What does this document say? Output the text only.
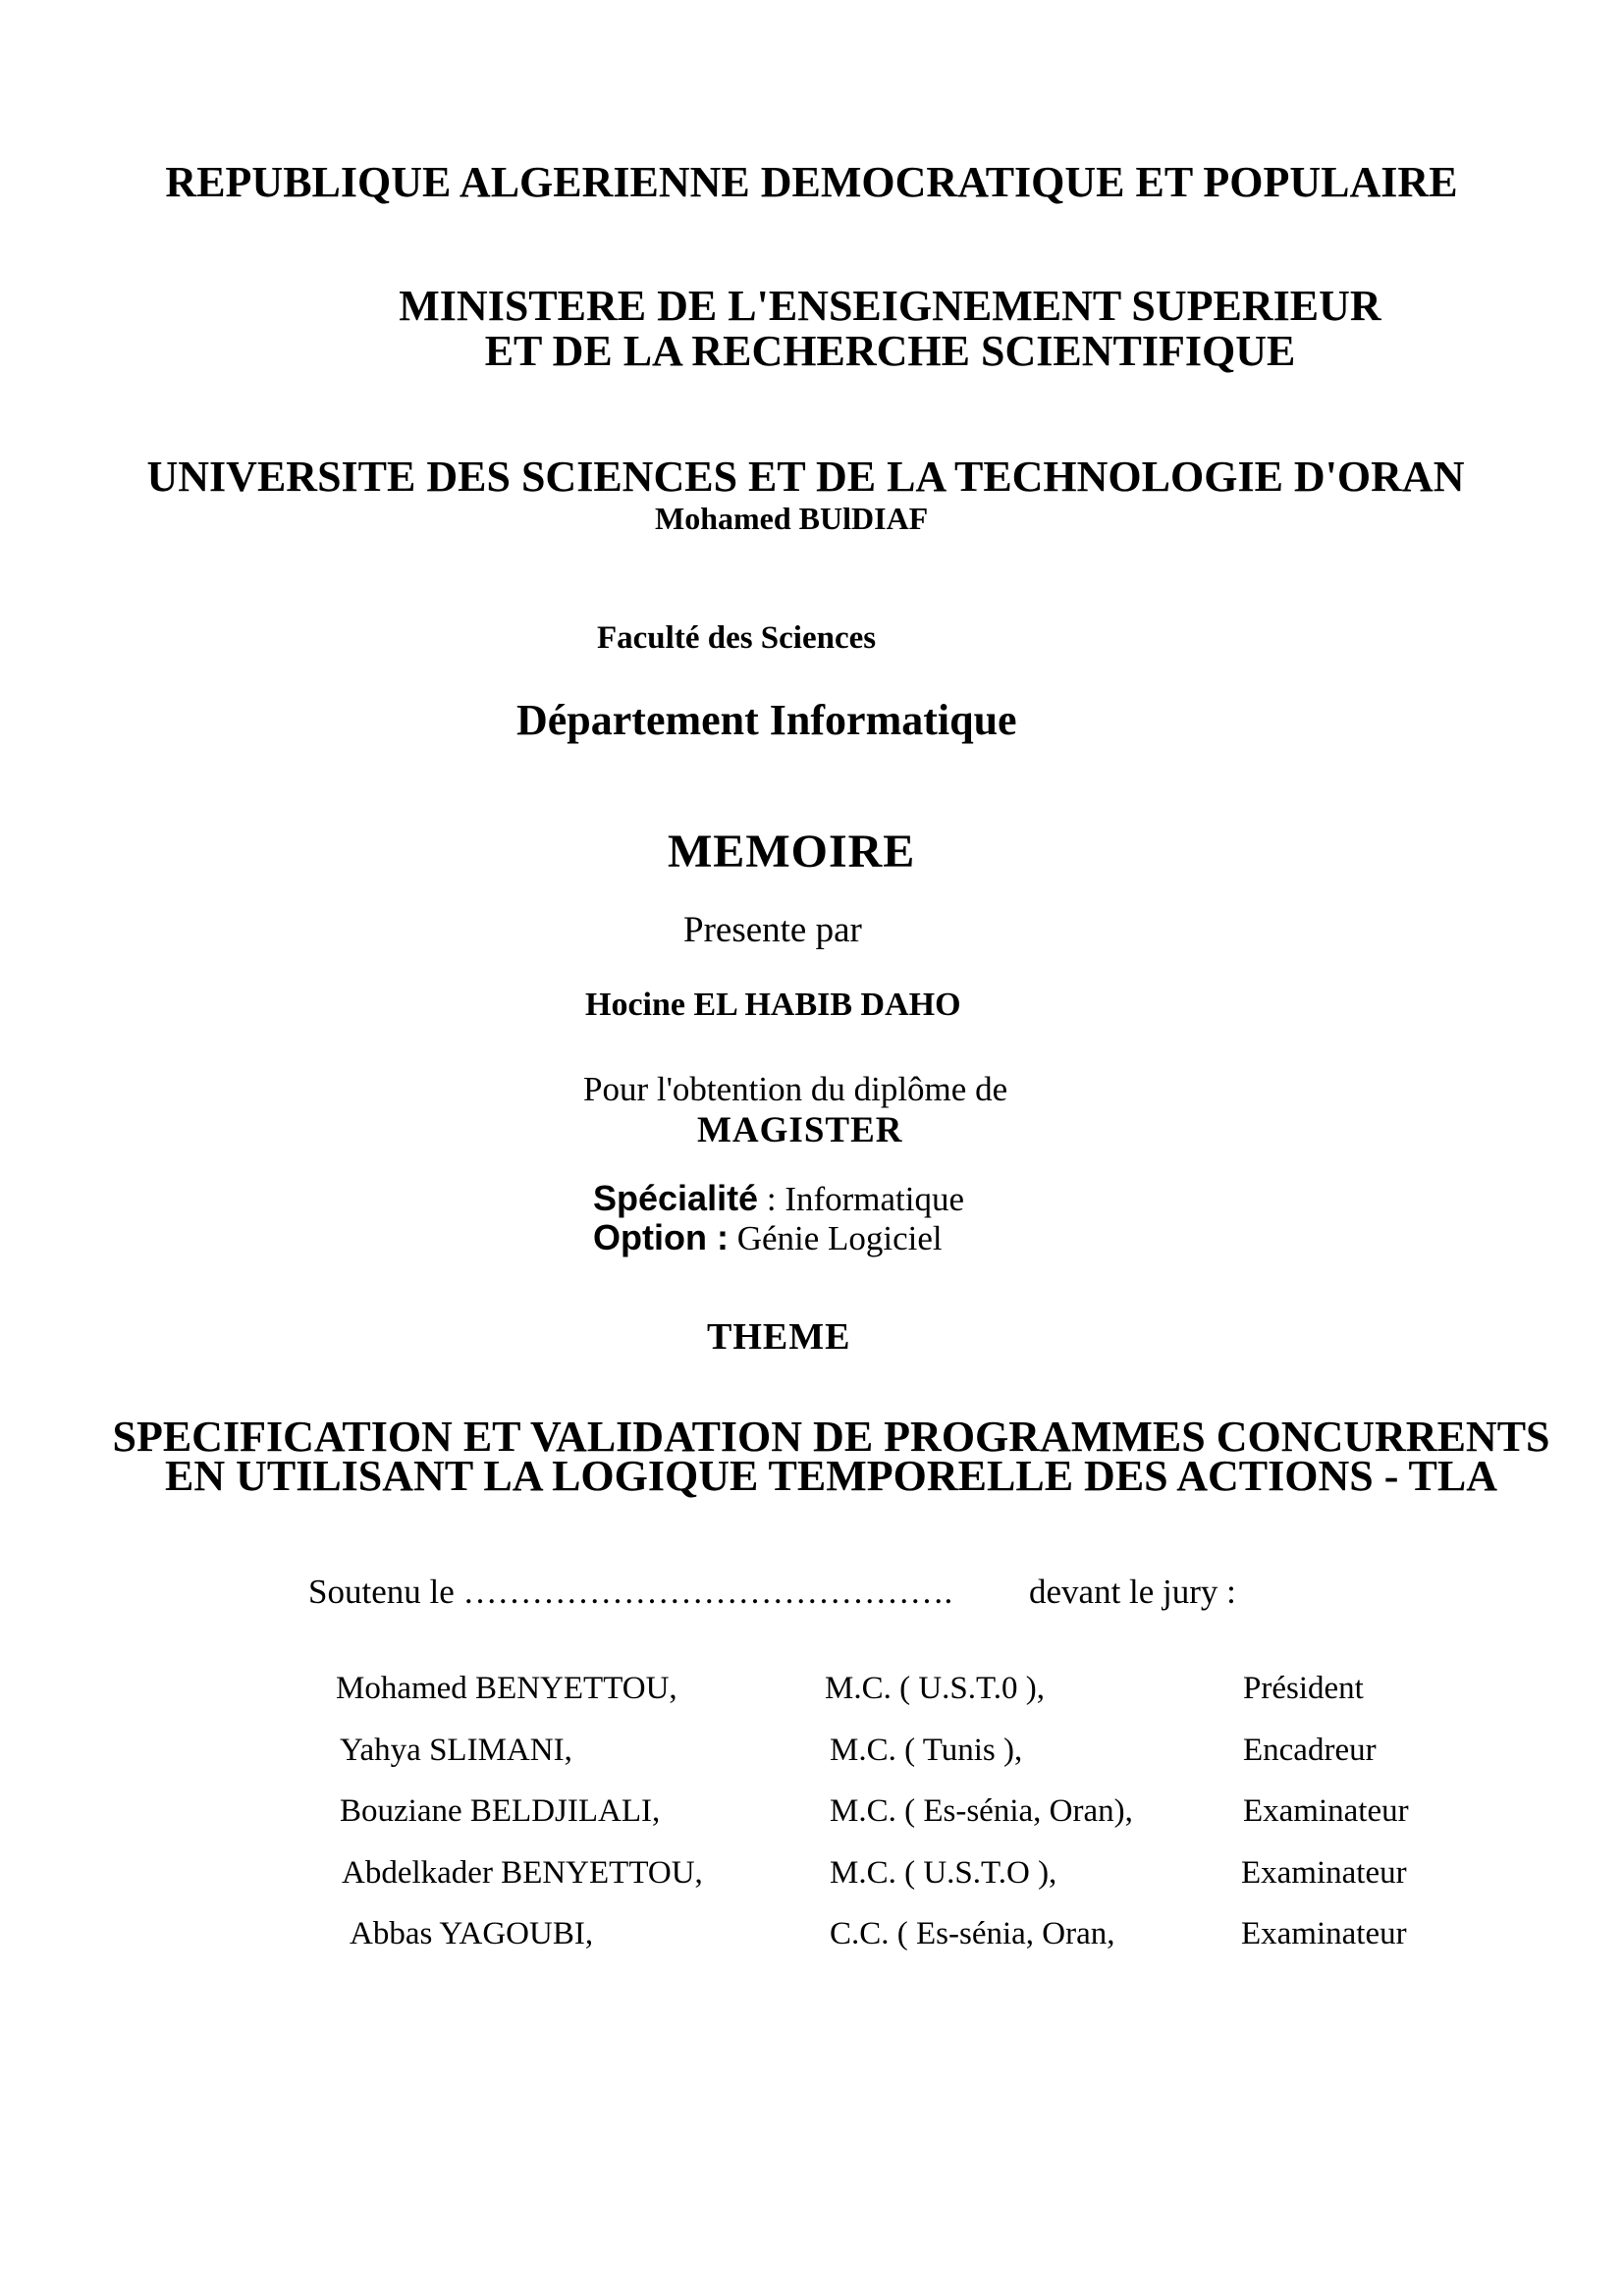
REPUBLIQUE ALGERIENNE DEMOCRATIQUE ET POPULAIRE
MINISTERE DE L'ENSEIGNEMENT SUPERIEUR
ET DE LA RECHERCHE SCIENTIFIQUE
UNIVERSITE DES SCIENCES ET DE LA TECHNOLOGIE D'ORAN
Mohamed BUlDIAF
Faculté des Sciences
Département Informatique
MEMOIRE
Presente par
Hocine EL HABIB DAHO
Pour l'obtention du diplôme de
MAGISTER
Spécialité : Informatique
Option : Génie Logiciel
THEME
SPECIFICATION ET VALIDATION DE PROGRAMMES CONCURRENTS
EN UTILISANT LA LOGIQUE TEMPORELLE DES ACTIONS - TLA
Soutenu le ……………………………………. devant le jury :
Mohamed BENYETTOU,	M.C. ( U.S.T.0 ),	Président
Yahya SLIMANI,	M.C. ( Tunis ),	Encadreur
Bouziane BELDJILALI,	M.C. ( Es-sénia, Oran),	Examinateur
Abdelkader BENYETTOU,	M.C. ( U.S.T.O ),	Examinateur
Abbas YAGOUBI,	C.C. ( Es-sénia, Oran,	Examinateur
